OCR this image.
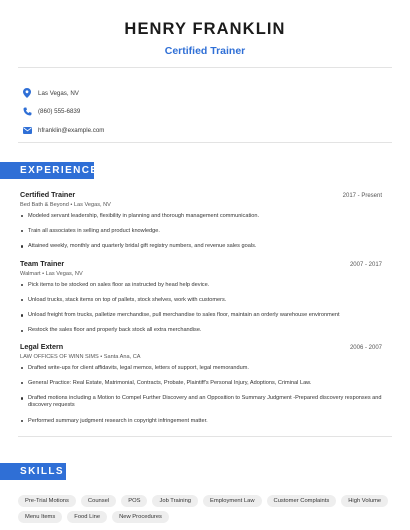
HENRY FRANKLIN
Certified Trainer
Las Vegas, NV
(860) 555-6839
hfranklin@example.com
EXPERIENCE
Certified Trainer	2017 - Present
Bed Bath & Beyond • Las Vegas, NV
Modeled servant leadership, flexibility in planning and thorough management communication.
Train all associates in selling and product knowledge.
Attained weekly, monthly and quarterly bridal gift registry numbers, and revenue sales goals.
Team Trainer	2007 - 2017
Walmart • Las Vegas, NV
Pick items to be stocked on sales floor as instructed by head help device.
Unload trucks, stack items on top of pallets, stock shelves, work with customers.
Unload freight from trucks, palletize merchandise, pull merchandise to sales floor, maintain an orderly warehouse environment
Restock the sales floor and properly back stock all extra merchandise.
Legal Extern	2006 - 2007
LAW OFFICES OF WINN SIMS • Santa Ana, CA
Drafted write-ups for client affidavits, legal memos, letters of support, legal memorandum.
General Practice: Real Estate, Matrimonial, Contracts, Probate, Plaintiff's Personal Injury, Adoptions, Criminal Law.
Drafted motions including a Motion to Compel Further Discovery and an Opposition to Summary Judgment -Prepared discovery responses and discovery requests
Performed summary judgment research in copyright infringement matter.
SKILLS
Pre-Trial Motions	Counsel	POS	Job Training	Employment Law	Customer Complaints	High Volume
Menu Items	Food Line	New Procedures
